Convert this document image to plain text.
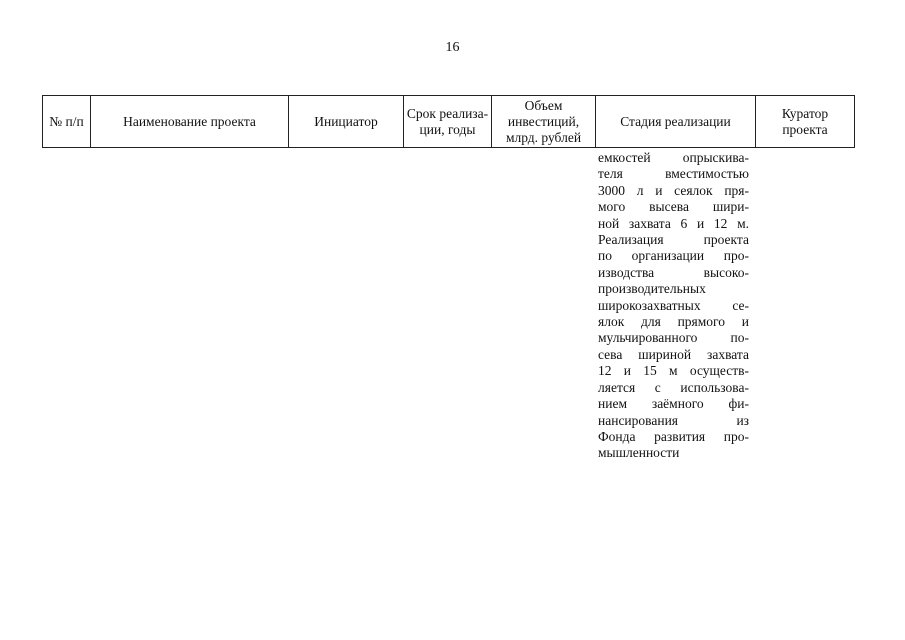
16
№ п/п	Наименование проекта	Инициатор	Срок реализа-ции, годы	Объем инвестиций, млрд. рублей	Стадия реализации	Куратор проекта
емкостей опрыскива-
теля вместимостью
3000 л и сеялок пря-
мого высева шири-
ной захвата 6 и 12 м.
Реализация проекта
по организации про-
изводства высоко-
производительных
широкозахватных се-
ялок для прямого и
мульчированного по-
сева шириной захвата
12 и 15 м осуществ-
ляется с использова-
нием заёмного фи-
нансирования из
Фонда развития про-
мышленности
